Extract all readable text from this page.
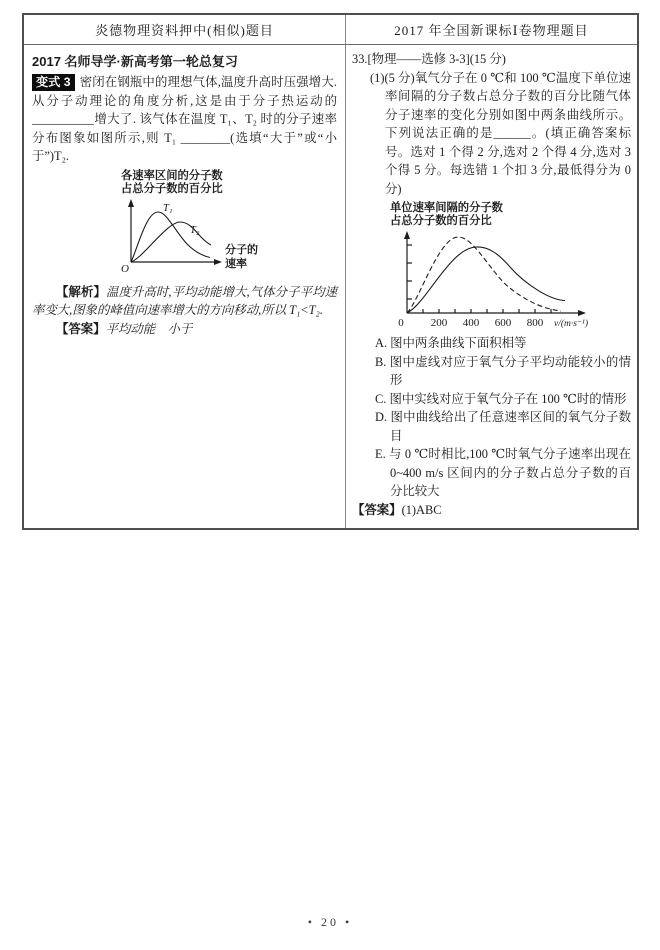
炎德物理资料押中(相似)题目	2017 年全国新课标Ⅰ卷物理题目
2017 名师导学·新高考第一轮总复习
变式 3 密闭在钢瓶中的理想气体,温度升高时压强增大. 从分子动理论的角度分析,这是由于分子热运动的__________增大了. 该气体在温度 T₁、T₂ 时的分子速率分布图象如图所示,则 T₁ ________(选填“大于”或“小于”)T₂.
各速率区间的分子数
占总分子数的百分比
T₁
T₂
O
分子的
速率
【解析】温度升高时,平均动能增大,气体分子平均速率变大,图象的峰值向速率增大的方向移动,所以 T₁<T₂.
【答案】平均动能　小于
33.[物理——选修 3-3](15 分)
(1)(5 分)氧气分子在 0 ℃和 100 ℃温度下单位速率间隔的分子数占总分子数的百分比随气体分子速率的变化分别如图中两条曲线所示。下列说法正确的是______。(填正确答案标号。选对 1 个得 2 分,选对 2 个得 4 分,选对 3 个得 5 分。每选错 1 个扣 3 分,最低得分为 0 分)
单位速率间隔的分子数
占总分子数的百分比
0 200 400 600 800 v/(m·s⁻¹)
A. 图中两条曲线下面积相等
B. 图中虚线对应于氧气分子平均动能较小的情形
C. 图中实线对应于氧气分子在 100 ℃时的情形
D. 图中曲线给出了任意速率区间的氧气分子数目
E. 与 0 ℃时相比,100 ℃时氧气分子速率出现在 0~400 m/s 区间内的分子数占总分子数的百分比较大
【答案】(1)ABC
• 20 •
